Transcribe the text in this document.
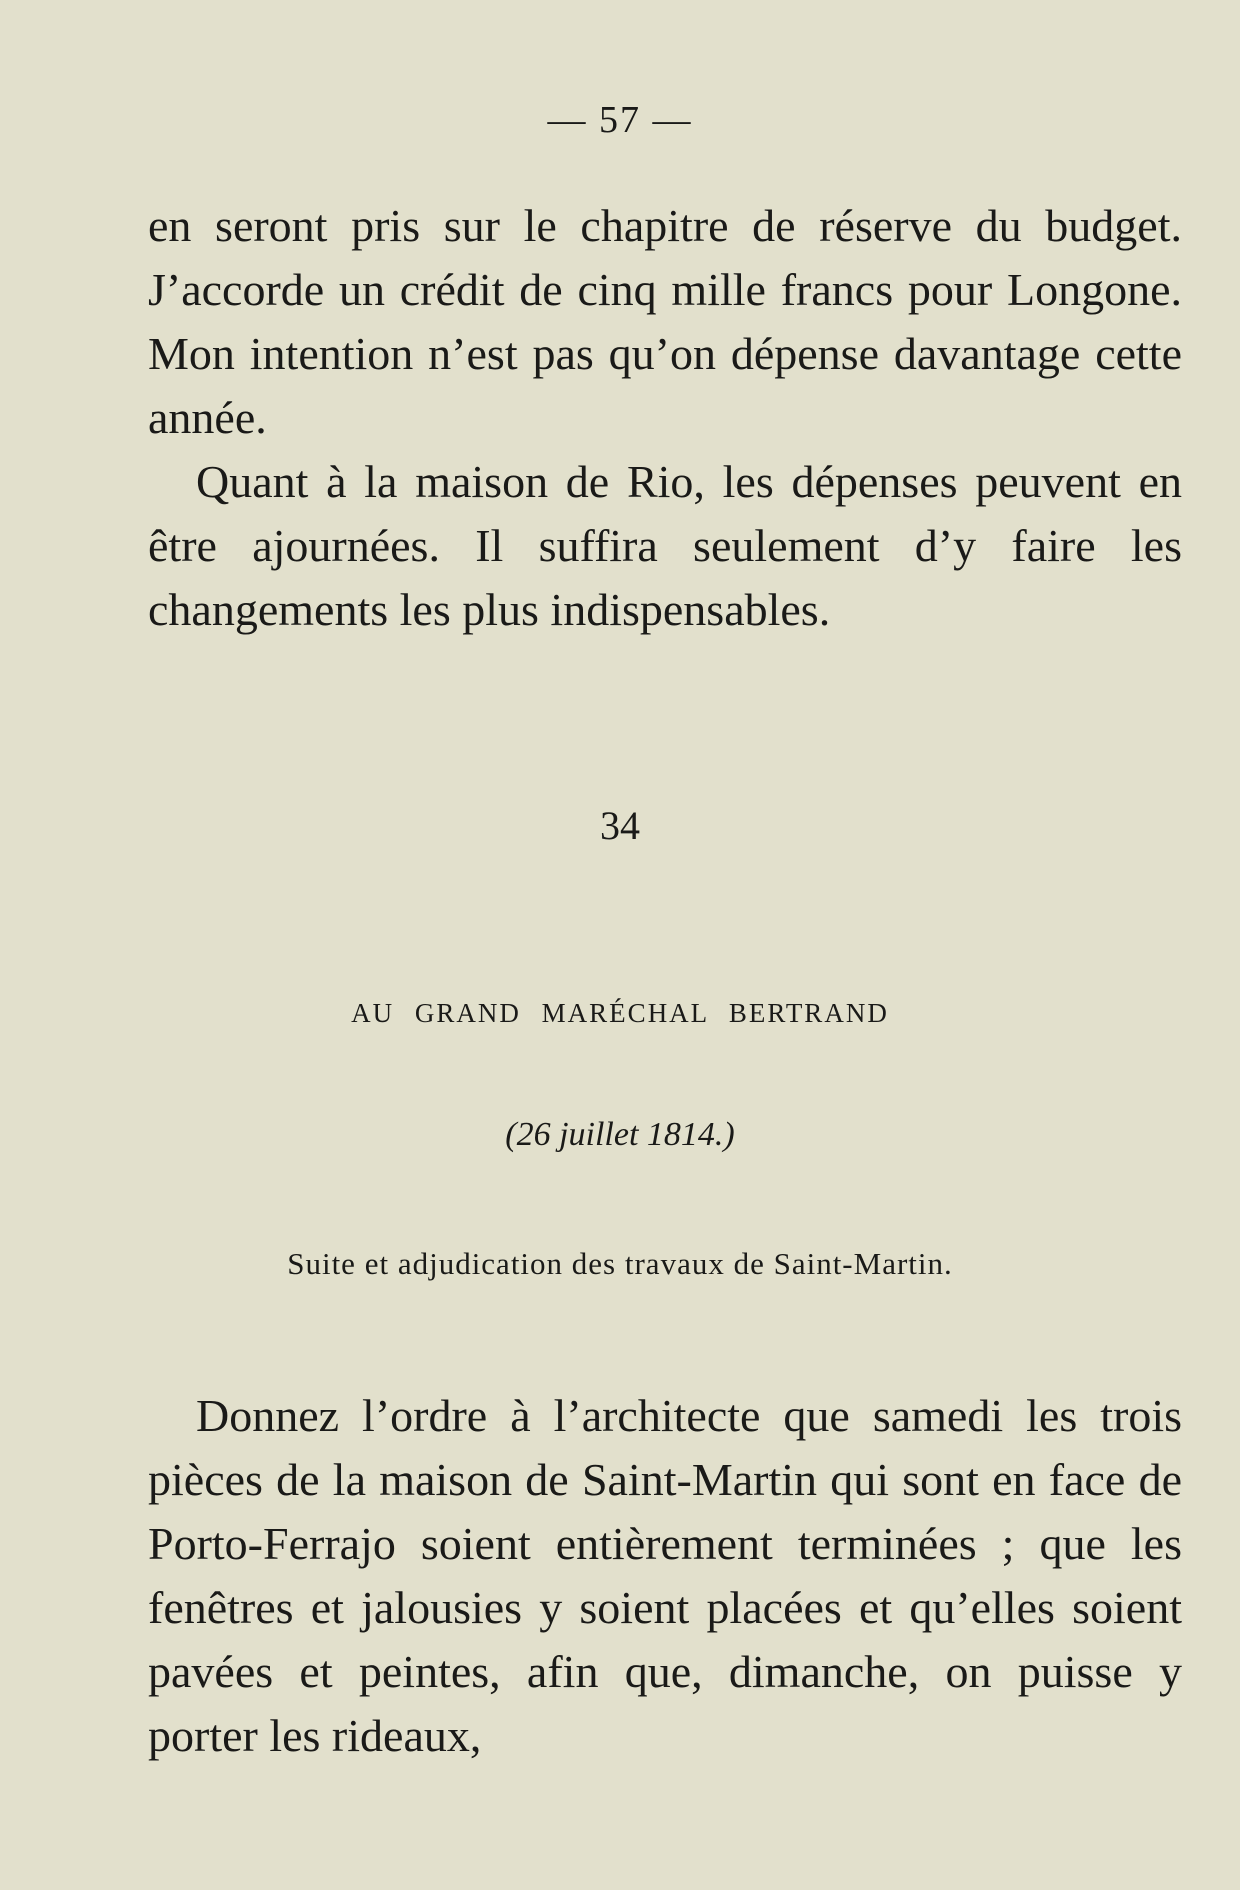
— 57 —

en seront pris sur le chapitre de réserve du budget. J’accorde un crédit de cinq mille francs pour Longone. Mon intention n’est pas qu’on dépense davantage cette année.

Quant à la maison de Rio, les dépenses peuvent en être ajournées. Il suffira seulement d’y faire les changements les plus indispensables.

34
AU GRAND MARÉCHAL BERTRAND
(26 juillet 1814.)
Suite et adjudication des travaux de Saint-Martin.

Donnez l’ordre à l’architecte que samedi les trois pièces de la maison de Saint-Martin qui sont en face de Porto-Ferrajo soient entièrement terminées ; que les fenêtres et jalousies y soient placées et qu’elles soient pavées et peintes, afin que, dimanche, on puisse y porter les rideaux,
